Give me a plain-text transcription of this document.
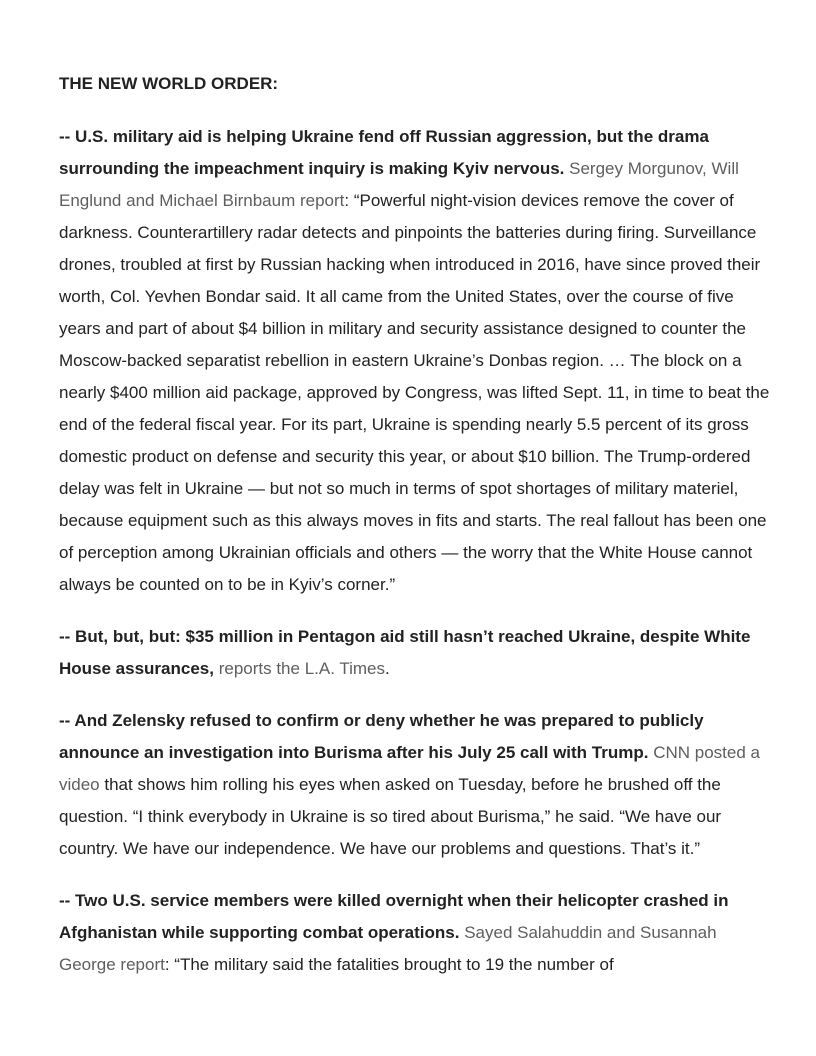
THE NEW WORLD ORDER:

-- U.S. military aid is helping Ukraine fend off Russian aggression, but the drama surrounding the impeachment inquiry is making Kyiv nervous. Sergey Morgunov, Will Englund and Michael Birnbaum report: “Powerful night-vision devices remove the cover of darkness. Counterartillery radar detects and pinpoints the batteries during firing. Surveillance drones, troubled at first by Russian hacking when introduced in 2016, have since proved their worth, Col. Yevhen Bondar said. It all came from the United States, over the course of five years and part of about $4 billion in military and security assistance designed to counter the Moscow-backed separatist rebellion in eastern Ukraine’s Donbas region. … The block on a nearly $400 million aid package, approved by Congress, was lifted Sept. 11, in time to beat the end of the federal fiscal year. For its part, Ukraine is spending nearly 5.5 percent of its gross domestic product on defense and security this year, or about $10 billion. The Trump-ordered delay was felt in Ukraine — but not so much in terms of spot shortages of military materiel, because equipment such as this always moves in fits and starts. The real fallout has been one of perception among Ukrainian officials and others — the worry that the White House cannot always be counted on to be in Kyiv’s corner.”

-- But, but, but: $35 million in Pentagon aid still hasn’t reached Ukraine, despite White House assurances, reports the L.A. Times.

-- And Zelensky refused to confirm or deny whether he was prepared to publicly announce an investigation into Burisma after his July 25 call with Trump. CNN posted a video that shows him rolling his eyes when asked on Tuesday, before he brushed off the question. “I think everybody in Ukraine is so tired about Burisma,” he said. “We have our country. We have our independence. We have our problems and questions. That’s it.”

-- Two U.S. service members were killed overnight when their helicopter crashed in Afghanistan while supporting combat operations. Sayed Salahuddin and Susannah George report: “The military said the fatalities brought to 19 the number of
